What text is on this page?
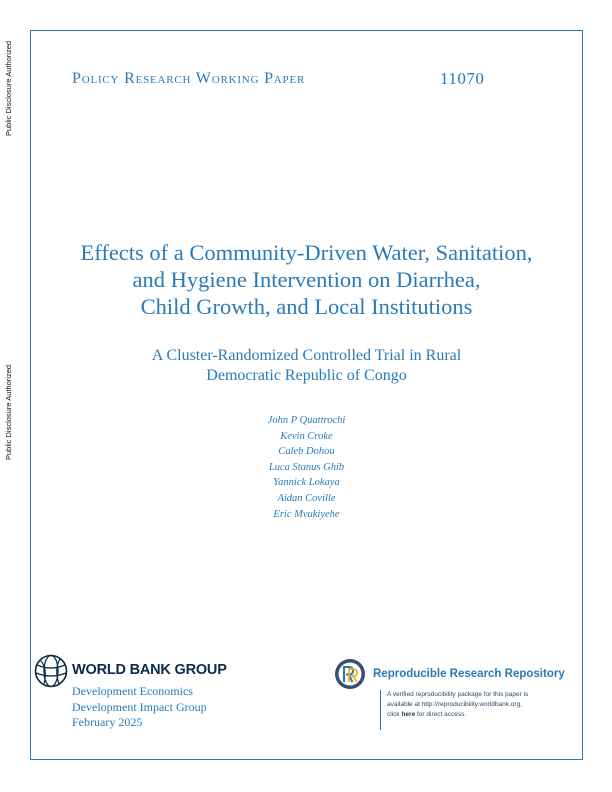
Public Disclosure Authorized
Public Disclosure Authorized
Policy Research Working Paper	11070
Effects of a Community-Driven Water, Sanitation,
and Hygiene Intervention on Diarrhea,
Child Growth, and Local Institutions
A Cluster-Randomized Controlled Trial in Rural
Democratic Republic of Congo
John P Quattrochi
Kevin Croke
Caleb Dohou
Luca Stanus Ghib
Yannick Lokaya
Aidan Coville
Eric Mvukiyehe
WORLD BANK GROUP
Development Economics
Development Impact Group
February 2025
Reproducible Research Repository
A verified reproducibility package for this paper is
available at http://reproducibility.worldbank.org,
click here for direct access.
